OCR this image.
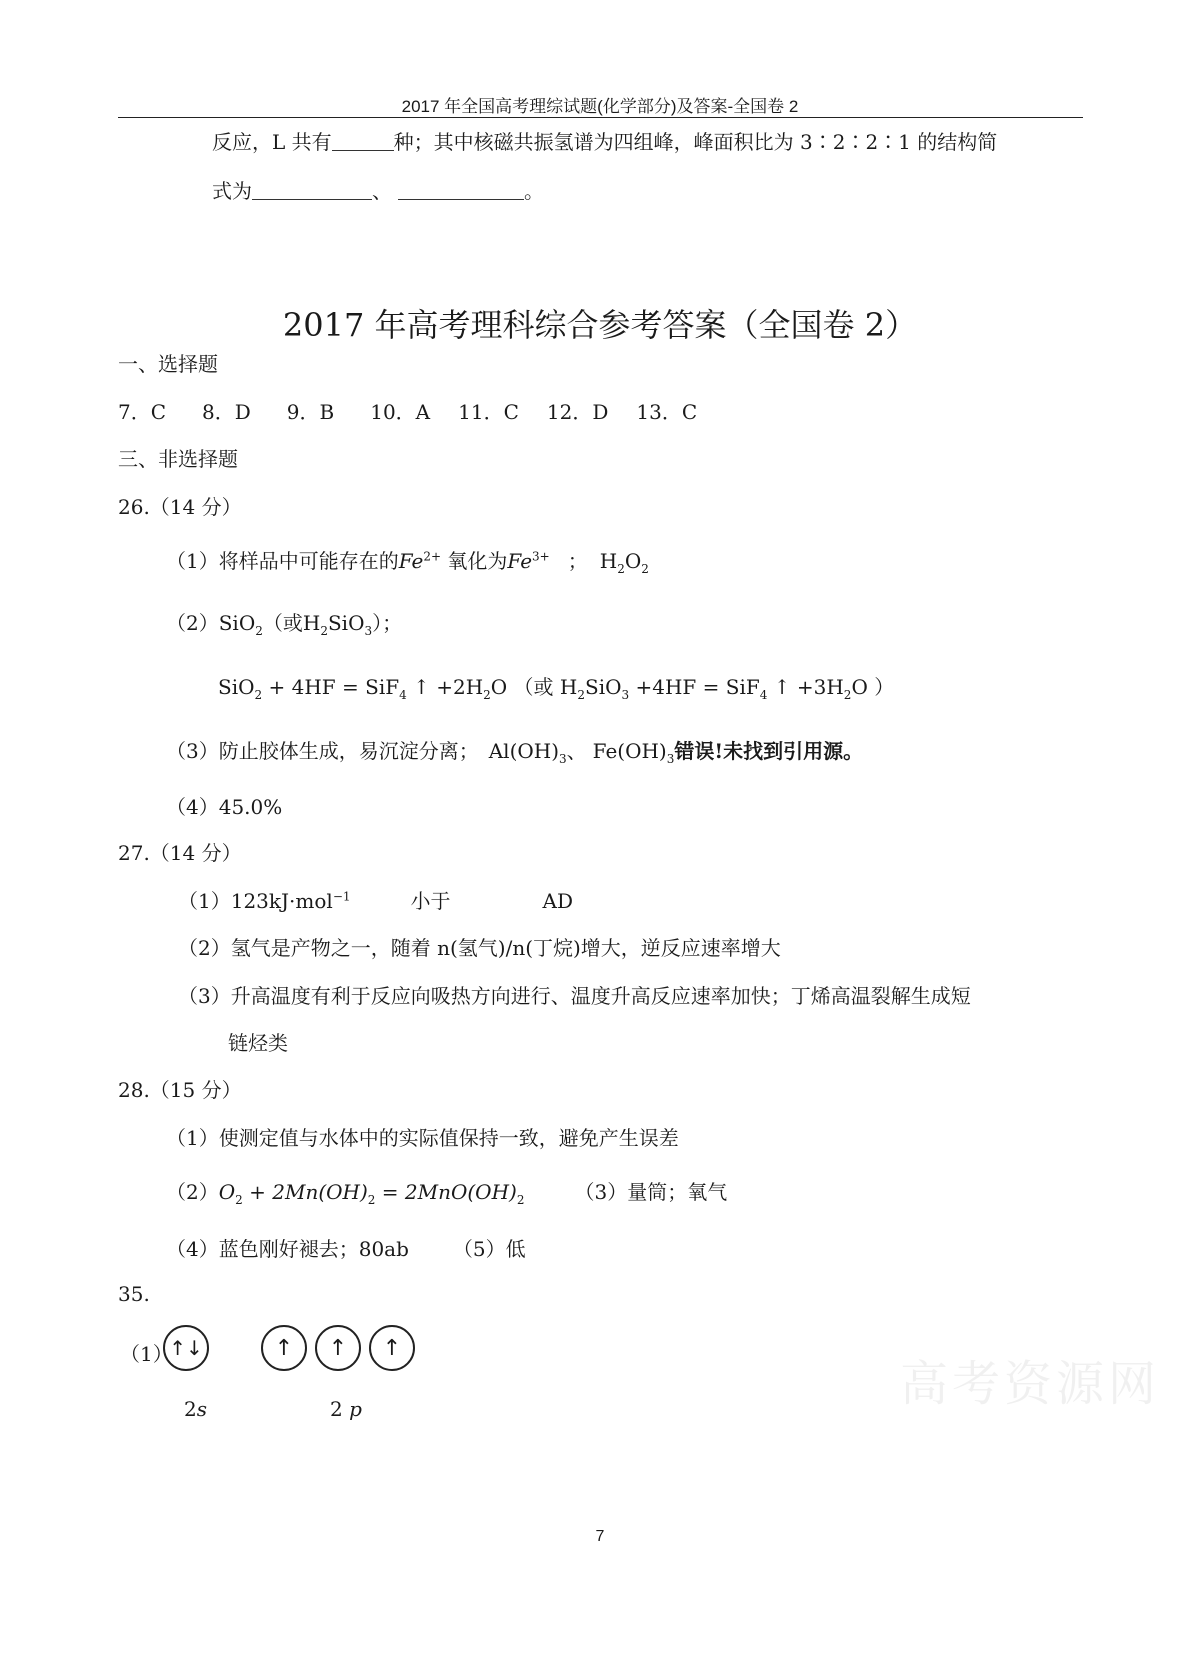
2017 年全国高考理综试题(化学部分)及答案-全国卷 2
反应，L 共有	种；其中核磁共振氢谱为四组峰，峰面积比为 3∶2∶2∶1 的结构简
式为	、	。
2017 年高考理科综合参考答案（全国卷 2）
一、选择题
7．C 8．D 9．B 10．A 11．C 12．D 13．C
三、非选择题
26.（14 分）
（1）将样品中可能存在的$Fe^{2+}$ 氧化为$Fe^{3+}$ ； $H_2O_2$
（2）SiO$_2$（或$H_2SiO_3$）；
SiO$_2$ + 4HF = SiF$_4$ ↑ $+2H_2O$ （或 $H_2SiO_3 +4HF = SiF_4$ ↑ $+3H_2O$ ）
（3）防止胶体生成，易沉淀分离； $Al(OH)_3$、 $Fe(OH)_3$错误!未找到引用源。
（4）45.0%
27.（14 分）
（1）123kJ·mol$^{-1}$	小于	AD
（2）氢气是产物之一，随着 n(氢气)/n(丁烷)增大，逆反应速率增大
（3）升高温度有利于反应向吸热方向进行、温度升高反应速率加快；丁烯高温裂解生成短
链烃类
28.（15 分）
（1）使测定值与水体中的实际值保持一致，避免产生误差
$(2)O_2 + 2Mn(OH)_2 = 2MnO(OH)_2$	（3）量筒；氧气
（4）蓝色刚好褪去；80ab （5）低
35.
（1）
↑↓	↑ ↑ ↑
2s	2 p	高考资源网
7
